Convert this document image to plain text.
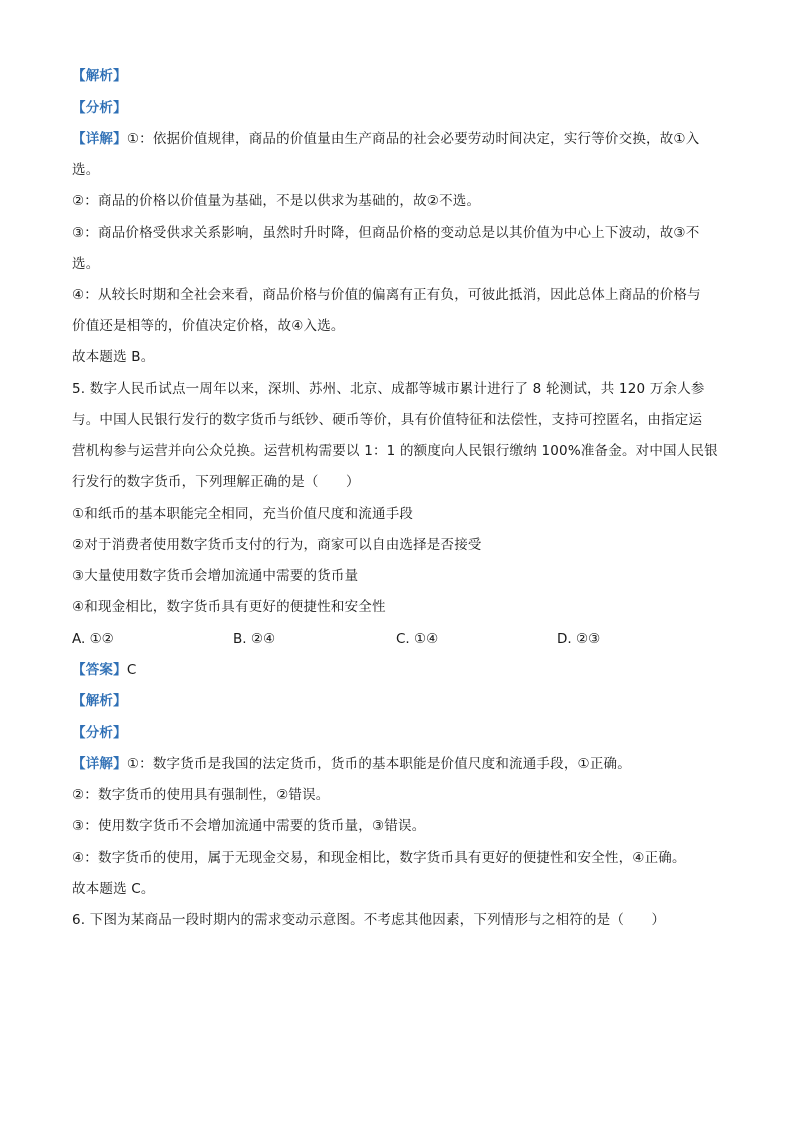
【解析】
【分析】
【详解】①：依据价值规律，商品的价值量由生产商品的社会必要劳动时间决定，实行等价交换，故①入
选。
②：商品的价格以价值量为基础，不是以供求为基础的，故②不选。
③：商品价格受供求关系影响，虽然时升时降，但商品价格的变动总是以其价值为中心上下波动，故③不
选。
④：从较长时期和全社会来看，商品价格与价值的偏离有正有负，可彼此抵消，因此总体上商品的价格与
价值还是相等的，价值决定价格，故④入选。
故本题选 B。
5. 数字人民币试点一周年以来，深圳、苏州、北京、成都等城市累计进行了 8 轮测试，共 120 万余人参
与。中国人民银行发行的数字货币与纸钞、硬币等价，具有价值特征和法偿性，支持可控匿名，由指定运
营机构参与运营并向公众兑换。运营机构需要以 1：1 的额度向人民银行缴纳 100%准备金。对中国人民银
行发行的数字货币，下列理解正确的是（　　）
①和纸币的基本职能完全相同，充当价值尺度和流通手段
②对于消费者使用数字货币支付的行为，商家可以自由选择是否接受
③大量使用数字货币会增加流通中需要的货币量
④和现金相比，数字货币具有更好的便捷性和安全性
A. ①②	B. ②④	C. ①④	D. ②③
【答案】C
【解析】
【分析】
【详解】①：数字货币是我国的法定货币，货币的基本职能是价值尺度和流通手段，①正确。
②：数字货币的使用具有强制性，②错误。
③：使用数字货币不会增加流通中需要的货币量，③错误。
④：数字货币的使用，属于无现金交易，和现金相比，数字货币具有更好的便捷性和安全性，④正确。
故本题选 C。
6. 下图为某商品一段时期内的需求变动示意图。不考虑其他因素，下列情形与之相符的是（　　）
